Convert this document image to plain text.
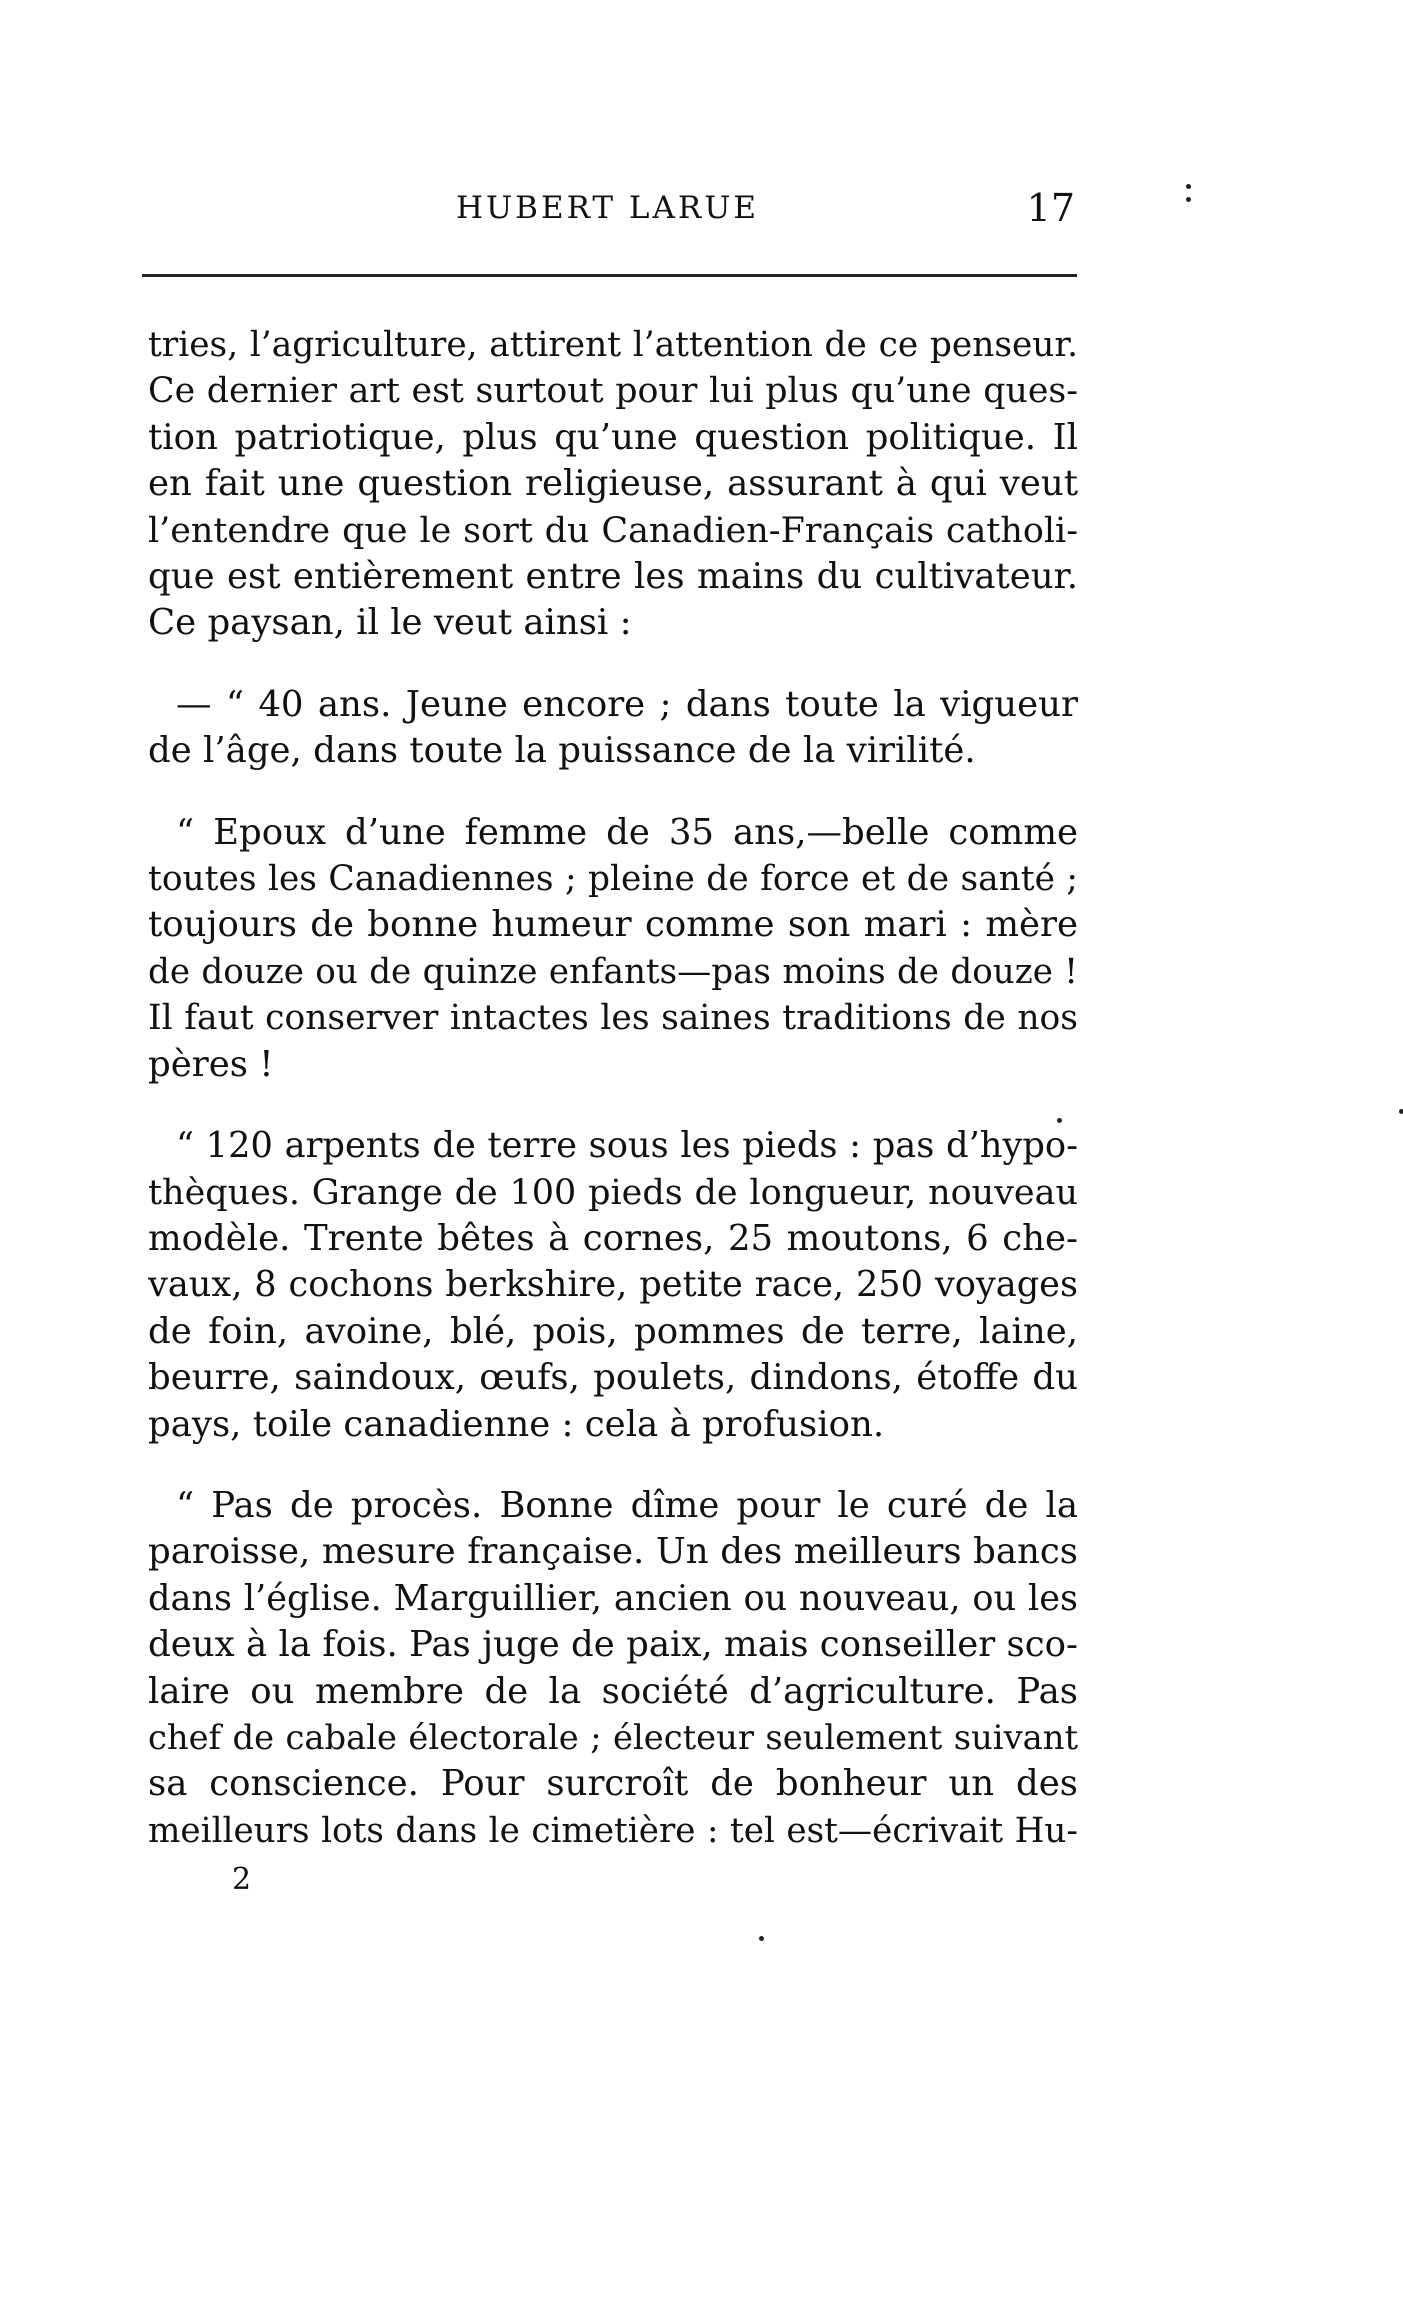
HUBERT LARUE	17
tries, l’agriculture, attirent l’attention de ce penseur.
Ce dernier art est surtout pour lui plus qu’une ques-
tion patriotique, plus qu’une question politique. Il
en fait une question religieuse, assurant à qui veut
l’entendre que le sort du Canadien-Français catholi-
que est entièrement entre les mains du cultivateur.
Ce paysan, il le veut ainsi :
— “ 40 ans. Jeune encore ; dans toute la vigueur
de l’âge, dans toute la puissance de la virilité.
“ Epoux d’une femme de 35 ans,—belle comme
toutes les Canadiennes ; pleine de force et de santé ;
toujours de bonne humeur comme son mari : mère
de douze ou de quinze enfants—pas moins de douze !
Il faut conserver intactes les saines traditions de nos
pères !
“ 120 arpents de terre sous les pieds : pas d’hypo-
thèques. Grange de 100 pieds de longueur, nouveau
modèle. Trente bêtes à cornes, 25 moutons, 6 che-
vaux, 8 cochons berkshire, petite race, 250 voyages
de foin, avoine, blé, pois, pommes de terre, laine,
beurre, saindoux, œufs, poulets, dindons, étoffe du
pays, toile canadienne : cela à profusion.
“ Pas de procès. Bonne dîme pour le curé de la
paroisse, mesure française. Un des meilleurs bancs
dans l’église. Marguillier, ancien ou nouveau, ou les
deux à la fois. Pas juge de paix, mais conseiller sco-
laire ou membre de la société d’agriculture. Pas
chef de cabale électorale ; électeur seulement suivant
sa conscience. Pour surcroît de bonheur un des
meilleurs lots dans le cimetière : tel est—écrivait Hu-
2
